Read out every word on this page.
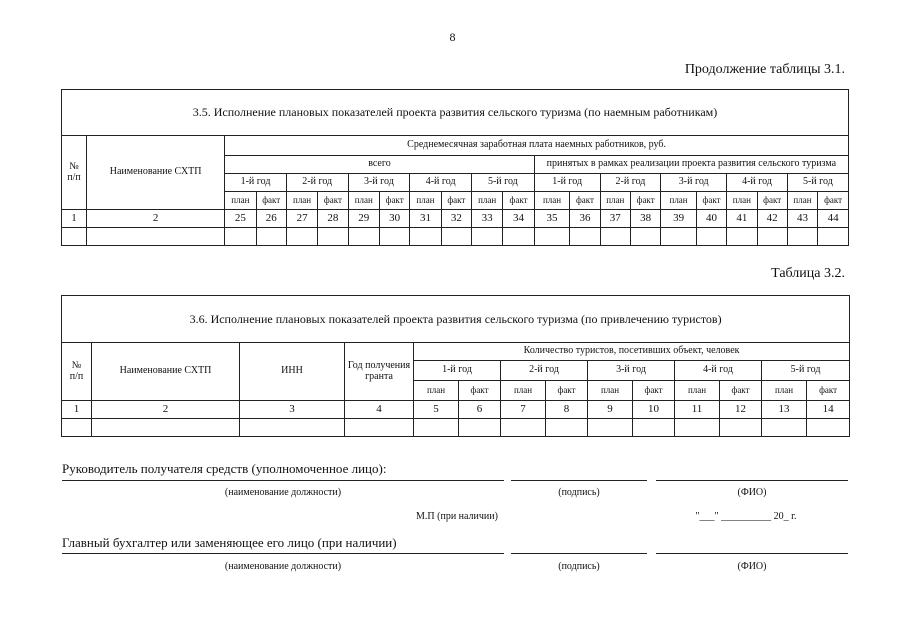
8
Продолжение таблицы 3.1.
3.5. Исполнение плановых показателей проекта развития сельского туризма (по наемным работникам)																					
№
п/п	Наименование СХТП	Среднемесячная заработная плата наемных работников, руб.																			
		всего										принятых в рамках реализации проекта развития сельского туризма									
		1-й год		2-й год		3-й год		4-й год		5-й год		1-й год		2-й год		3-й год		4-й год		5-й год	
		план	факт	план	факт	план	факт	план	факт	план	факт	план	факт	план	факт	план	факт	план	факт	план	факт
1	2	25	26	27	28	29	30	31	32	33	34	35	36	37	38	39	40	41	42	43	44

Таблица 3.2.
3.6. Исполнение плановых показателей проекта развития сельского туризма (по привлечению туристов)													
№
п/п	Наименование СХТП	ИНН	Год получения гранта	Количество туристов, посетивших объект, человек									
				1-й год		2-й год		3-й год		4-й год		5-й год	
				план	факт	план	факт	план	факт	план	факт	план	факт
1	2	3	4	5	6	7	8	9	10	11	12	13	14

Руководитель получателя средств (уполномоченное лицо):
(наименование должности)	(подпись)	(ФИО)
М.П (при наличии)	"___" __________ 20_ г.
Главный бухгалтер или заменяющее его лицо (при наличии)
(наименование должности)	(подпись)	(ФИО)
